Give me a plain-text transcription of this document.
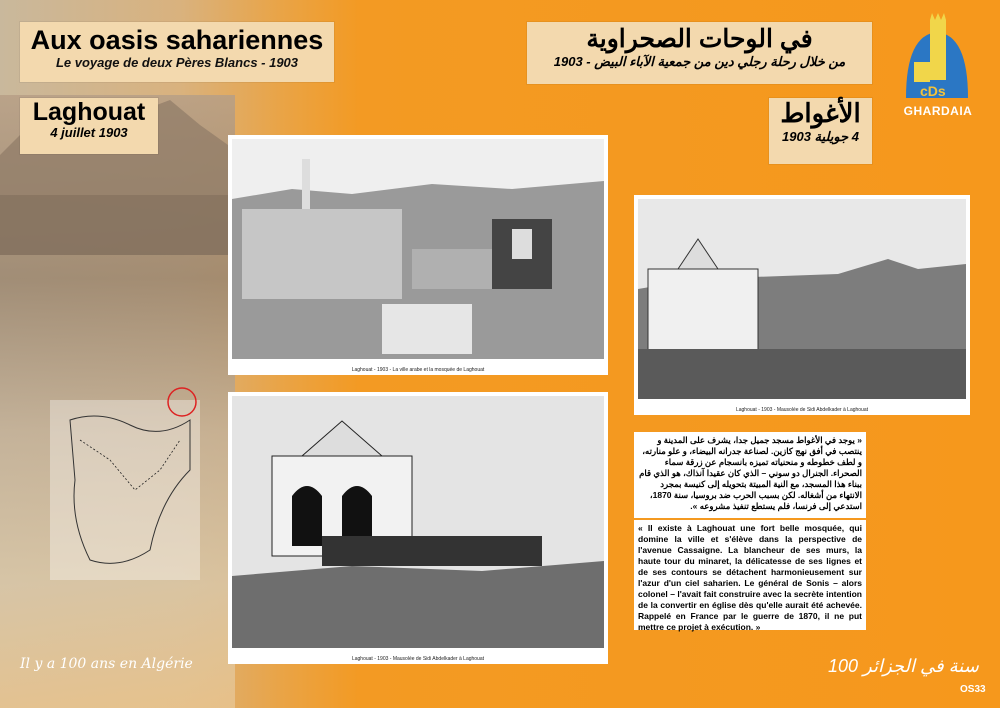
Aux oasis sahariennes
Le voyage de deux Pères Blancs - 1903
Laghouat
4 juillet 1903
في الوحات الصحراوية
من خلال رحلة رجلي دين من جمعية الآباء البيض - 1903
الأغواط
4 جويلية 1903
cDs
GHARDAIA
Laghouat - 1903 - La ville arabe et la mosquée de Laghouat
Laghouat - 1903 - Mausolée de Sidi Abdelkader à Laghouat
Laghouat - 1903 - Mausolée de Sidi Abdelkader à Laghouat
« يوجد في الأغواط مسجد جميل جدا، يشرف على المدينة و ينتصب في أفق نهج كازين. لصناعة جدرانه البيضاء، و علو منارته، و لطف خطوطه و منحنياته تميزه بانسجام عن زرقة سماء الصحراء. الجنرال دو سوني – الذي كان عقيدا آنذاك، هو الذي قام ببناء هذا المسجد، مع النية المبيتة بتحويله إلى كنيسة بمجرد الانتهاء من أشغاله. لكن بسبب الحرب ضد بروسيا، سنة 1870، استدعي إلى فرنسا، فلم يستطع تنفيذ مشروعه ».
« Il existe à Laghouat une fort belle mosquée, qui domine la ville et s'élève dans la perspective de l'avenue Cassaigne. La blancheur de ses murs, la haute tour du minaret, la délicatesse de ses lignes et de ses contours se détachent harmonieusement sur l'azur d'un ciel saharien. Le général de Sonis – alors colonel – l'avait fait construire avec la secrète intention de la convertir en église dès qu'elle aurait été achevée. Rappelé en France par le guerre de 1870, il ne put mettre ce projet à exécution. »
Il y a 100 ans en Algérie	100 سنة في الجزائر
OS33
